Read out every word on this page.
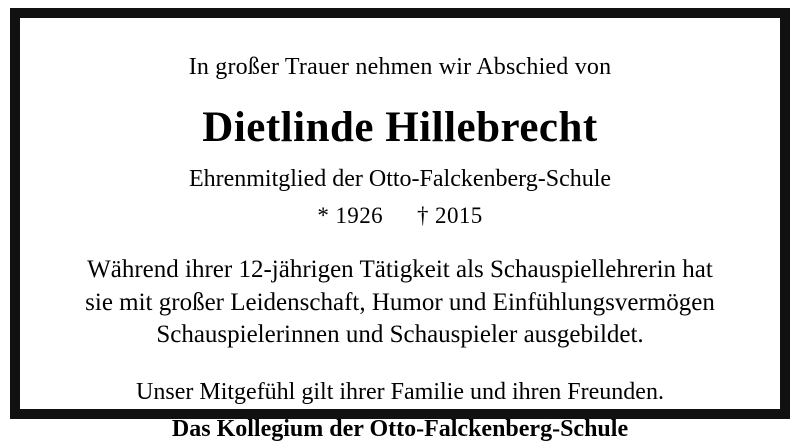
In großer Trauer nehmen wir Abschied von
Dietlinde Hillebrecht
Ehrenmitglied der Otto-Falckenberg-Schule
* 1926 † 2015
Während ihrer 12-jährigen Tätigkeit als Schauspiellehrerin hat
sie mit großer Leidenschaft, Humor und Einfühlungsvermögen
Schauspielerinnen und Schauspieler ausgebildet.
Unser Mitgefühl gilt ihrer Familie und ihren Freunden.
Das Kollegium der Otto-Falckenberg-Schule
